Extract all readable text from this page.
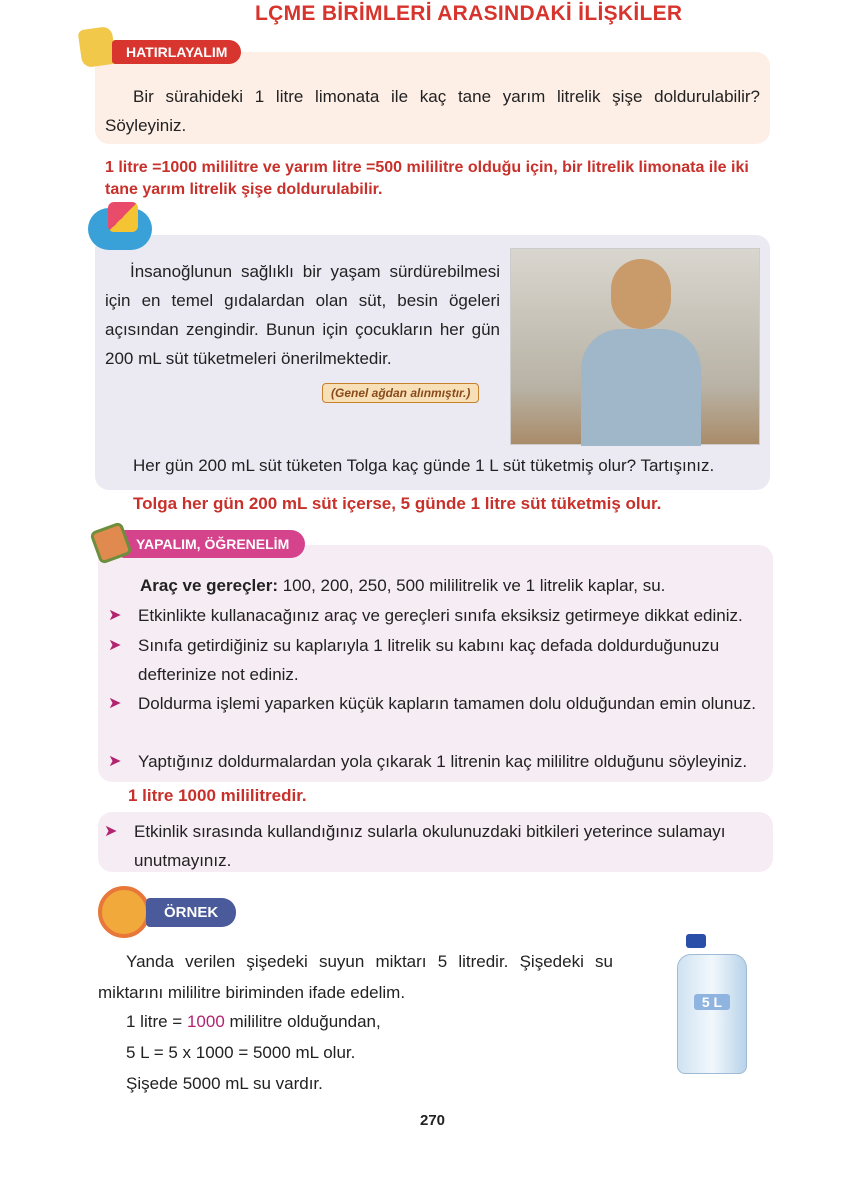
LÇME BİRİMLERİ ARASINDAKİ İLİŞKİLER
HATIRLAYALIM
Bir sürahideki 1 litre limonata ile kaç tane yarım litrelik şişe doldurulabilir? Söyleyiniz.
1 litre =1000 mililitre ve yarım litre =500 mililitre olduğu için, bir litrelik limonata ile iki tane yarım litrelik şişe doldurulabilir.
İnsanoğlunun sağlıklı bir yaşam sürdürebilmesi için en temel gıdalardan olan süt, besin ögeleri açısından zengindir. Bunun için çocukların her gün 200 mL süt tüketmeleri önerilmektedir.
(Genel ağdan alınmıştır.)
Her gün 200 mL süt tüketen Tolga kaç günde 1 L süt tüketmiş olur? Tartışınız.
Tolga her gün 200 mL süt içerse, 5 günde 1 litre süt tüketmiş olur.
YAPALIM, ÖĞRENELİM
Araç ve gereçler: 100, 200, 250, 500 mililitrelik ve 1 litrelik kaplar, su.
➤ Etkinlikte kullanacağınız araç ve gereçleri sınıfa eksiksiz getirmeye dikkat ediniz.
➤ Sınıfa getirdiğiniz su kaplarıyla 1 litrelik su kabını kaç defada doldurduğunuzu defterinize not ediniz.
➤ Doldurma işlemi yaparken küçük kapların tamamen dolu olduğundan emin olunuz.
➤ Yaptığınız doldurmalardan yola çıkarak 1 litrenin kaç mililitre olduğunu söyleyiniz.
1 litre 1000 mililitredir.
➤ Etkinlik sırasında kullandığınız sularla okulunuzdaki bitkileri yeterince sulamayı unutmayınız.
ÖRNEK
Yanda verilen şişedeki suyun miktarı 5 litredir. Şişedeki su miktarını mililitre biriminden ifade edelim.
1 litre = 1000 mililitre olduğundan,
5 L = 5 x 1000 = 5000 mL olur.
Şişede 5000 mL su vardır.
5 L
270
